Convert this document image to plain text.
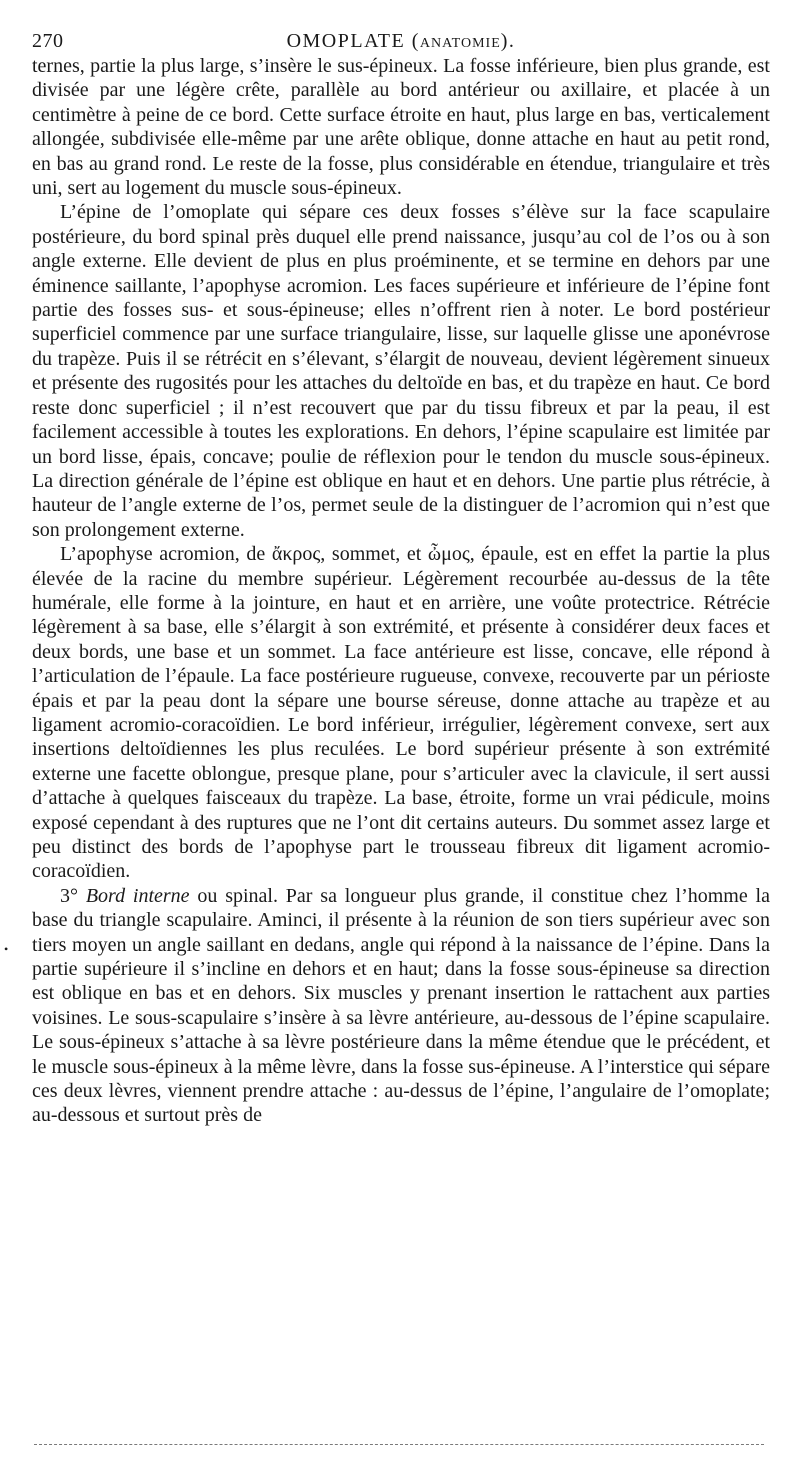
270	OMOPLATE (ANATOMIE).

ternes, partie la plus large, s’insère le sus-épineux. La fosse inférieure, bien plus grande, est divisée par une légère crête, parallèle au bord antérieur ou axillaire, et placée à un centimètre à peine de ce bord. Cette surface étroite en haut, plus large en bas, verticalement allongée, subdivisée elle-même par une arête oblique, donne attache en haut au petit rond, en bas au grand rond. Le reste de la fosse, plus considérable en étendue, triangulaire et très uni, sert au logement du muscle sous-épineux.

L’épine de l’omoplate qui sépare ces deux fosses s’élève sur la face scapulaire postérieure, du bord spinal près duquel elle prend naissance, jusqu’au col de l’os ou à son angle externe. Elle devient de plus en plus proéminente, et se termine en dehors par une éminence saillante, l’apophyse acromion. Les faces supérieure et inférieure de l’épine font partie des fosses sus- et sous-épineuse; elles n’offrent rien à noter. Le bord postérieur superficiel commence par une surface triangulaire, lisse, sur laquelle glisse une aponévrose du trapèze. Puis il se rétrécit en s’élevant, s’élargit de nouveau, devient légèrement sinueux et présente des rugosités pour les attaches du deltoïde en bas, et du trapèze en haut. Ce bord reste donc superficiel ; il n’est recouvert que par du tissu fibreux et par la peau, il est facilement accessible à toutes les explorations. En dehors, l’épine scapulaire est limitée par un bord lisse, épais, concave; poulie de réflexion pour le tendon du muscle sous-épineux. La direction générale de l’épine est oblique en haut et en dehors. Une partie plus rétrécie, à hauteur de l’angle externe de l’os, permet seule de la distinguer de l’acromion qui n’est que son prolongement externe.

L’apophyse acromion, de ἄκρος, sommet, et ὦμος, épaule, est en effet la partie la plus élevée de la racine du membre supérieur. Légèrement recourbée au-dessus de la tête humérale, elle forme à la jointure, en haut et en arrière, une voûte protectrice. Rétrécie légèrement à sa base, elle s’élargit à son extrémité, et présente à considérer deux faces et deux bords, une base et un sommet. La face antérieure est lisse, concave, elle répond à l’articulation de l’épaule. La face postérieure rugueuse, convexe, recouverte par un périoste épais et par la peau dont la sépare une bourse séreuse, donne attache au trapèze et au ligament acromio-coracoïdien. Le bord inférieur, irrégulier, légèrement convexe, sert aux insertions deltoïdiennes les plus reculées. Le bord supérieur présente à son extrémité externe une facette oblongue, presque plane, pour s’articuler avec la clavicule, il sert aussi d’attache à quelques faisceaux du trapèze. La base, étroite, forme un vrai pédicule, moins exposé cependant à des ruptures que ne l’ont dit certains auteurs. Du sommet assez large et peu distinct des bords de l’apophyse part le trousseau fibreux dit ligament acromio-coracoïdien.

3° Bord interne ou spinal. Par sa longueur plus grande, il constitue chez l’homme la base du triangle scapulaire. Aminci, il présente à la réunion de son tiers supérieur avec son tiers moyen un angle saillant en dedans, angle qui répond à la naissance de l’épine. Dans la partie supérieure il s’incline en dehors et en haut; dans la fosse sous-épineuse sa direction est oblique en bas et en dehors. Six muscles y prenant insertion le rattachent aux parties voisines. Le sous-scapulaire s’insère à sa lèvre antérieure, au-dessous de l’épine scapulaire. Le sous-épineux s’attache à sa lèvre postérieure dans la même étendue que le précédent, et le muscle sous-épineux à la même lèvre, dans la fosse sus-épineuse. A l’interstice qui sépare ces deux lèvres, viennent prendre attache : au-dessus de l’épine, l’angulaire de l’omoplate; au-dessous et surtout près de

•
